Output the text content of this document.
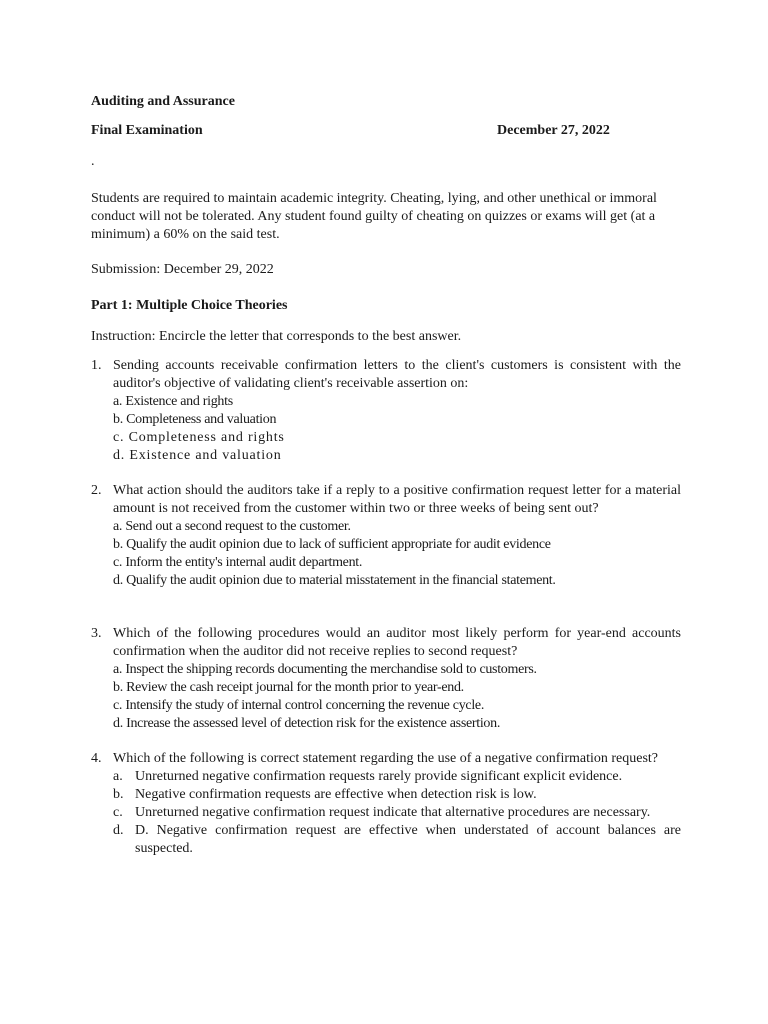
Auditing and Assurance
Final Examination	December 27, 2022
.
Students are required to maintain academic integrity. Cheating, lying, and other unethical or immoral conduct will not be tolerated. Any student found guilty of cheating on quizzes or exams will get (at a minimum) a 60% on the said test.
Submission: December 29, 2022
Part 1: Multiple Choice Theories
Instruction: Encircle the letter that corresponds to the best answer.
1. Sending accounts receivable confirmation letters to the client's customers is consistent with the auditor's objective of validating client's receivable assertion on:
a. Existence and rights
b. Completeness and valuation
c. Completeness and rights
d. Existence and valuation
2. What action should the auditors take if a reply to a positive confirmation request letter for a material amount is not received from the customer within two or three weeks of being sent out?
a. Send out a second request to the customer.
b. Qualify the audit opinion due to lack of sufficient appropriate for audit evidence
c. Inform the entity's internal audit department.
d. Qualify the audit opinion due to material misstatement in the financial statement.
3. Which of the following procedures would an auditor most likely perform for year-end accounts confirmation when the auditor did not receive replies to second request?
a. Inspect the shipping records documenting the merchandise sold to customers.
b. Review the cash receipt journal for the month prior to year-end.
c. Intensify the study of internal control concerning the revenue cycle.
d. Increase the assessed level of detection risk for the existence assertion.
4. Which of the following is correct statement regarding the use of a negative confirmation request?
a. Unreturned negative confirmation requests rarely provide significant explicit evidence.
b. Negative confirmation requests are effective when detection risk is low.
c. Unreturned negative confirmation request indicate that alternative procedures are necessary.
d. D. Negative confirmation request are effective when understated of account balances are suspected.
